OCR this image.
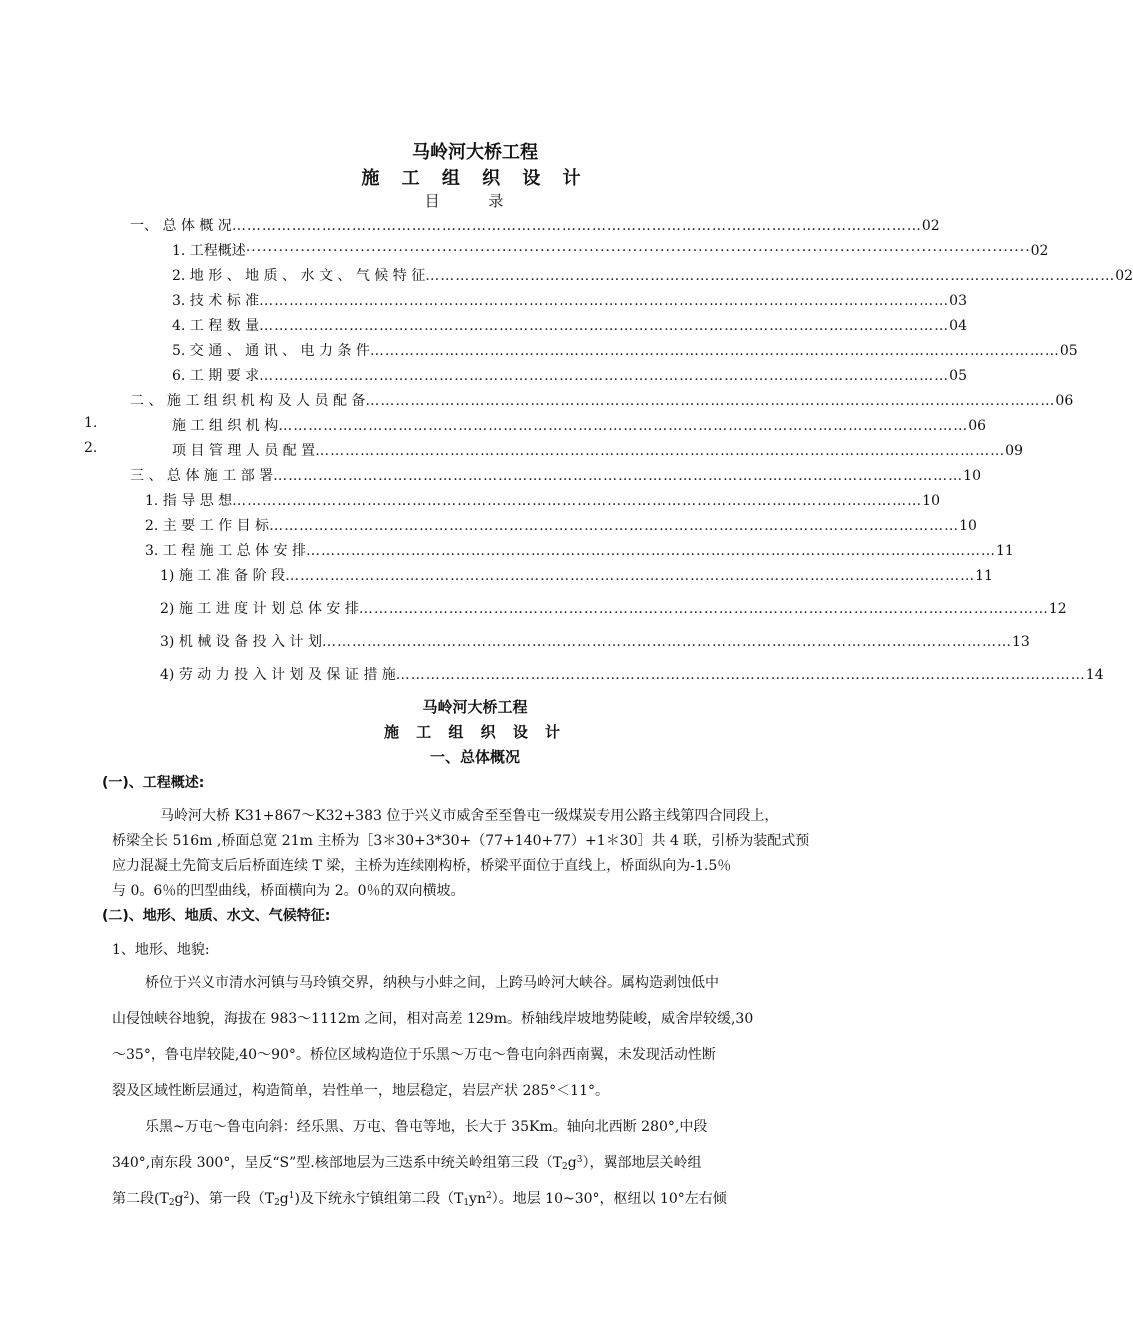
马岭河大桥工程
施 工 组 织 设 计
目 录
一、 总 体 概 况 ………………………………………………………………………………………………………………………… 02
1. 工程概述 ················································································································································ 02
2. 地 形 、 地 质 、 水 文 、 气 候 特 征 ………………………………………………………………………………………………………………………… 02
3. 技 术 标 准 ………………………………………………………………………………………………………………………… 03
4. 工 程 数 量 ………………………………………………………………………………………………………………………… 04
5. 交 通 、 通 讯 、 电 力 条 件 ………………………………………………………………………………………………………………………… 05
6. 工 期 要 求 ………………………………………………………………………………………………………………………… 05
二 、 施 工 组 织 机 构 及 人 员 配 备 ………………………………………………………………………………………………………………………… 06
1.	施 工 组 织 机 构 ………………………………………………………………………………………………………………………… 06
2.	项 目 管 理 人 员 配 置 ………………………………………………………………………………………………………………………… 09
三 、 总 体 施 工 部 署 ………………………………………………………………………………………………………………………… 10
1. 指 导 思 想 ………………………………………………………………………………………………………………………… 10
2. 主 要 工 作 目 标 ………………………………………………………………………………………………………………………… 10
3. 工 程 施 工 总 体 安 排 ………………………………………………………………………………………………………………………… 11
1) 施 工 准 备 阶 段 ………………………………………………………………………………………………………………………… 11
2) 施 工 进 度 计 划 总 体 安 排 ………………………………………………………………………………………………………………………… 12
3) 机 械 设 备 投 入 计 划 ………………………………………………………………………………………………………………………… 13
4) 劳 动 力 投 入 计 划 及 保 证 措 施 ………………………………………………………………………………………………………………………… 14
马岭河大桥工程
施 工 组 织 设 计
一、总体概况
(一)、工程概述:
马岭河大桥 K31+867～K32+383 位于兴义市威舍至至鲁屯一级煤炭专用公路主线第四合同段上，
桥梁全长 516m ,桥面总宽 21m 主桥为［3＊30+3*30+（77+140+77）+1＊30］共 4 联，引桥为装配式预
应力混凝土先简支后后桥面连续 T 梁，主桥为连续刚构桥，桥梁平面位于直线上，桥面纵向为-1.5％
与 0。6％的凹型曲线，桥面横向为 2。0％的双向横坡。
(二)、地形、地质、水文、气候特征:
1、地形、地貌:
桥位于兴义市清水河镇与马玲镇交界，纳秧与小蚌之间，上跨马岭河大峡谷。属构造剥蚀低中
山侵蚀峡谷地貌，海拔在 983～1112m 之间，相对高差 129m。桥轴线岸坡地势陡峻，威舍岸较缓,30
～35°，鲁屯岸较陡,40～90°。桥位区域构造位于乐黑～万屯～鲁屯向斜西南翼，未发现活动性断
裂及区域性断层通过，构造简单，岩性单一，地层稳定，岩层产状 285°＜11°。
乐黑~万屯～鲁屯向斜：经乐黑、万屯、鲁屯等地，长大于 35Km。轴向北西断 280°,中段
340°,南东段 300°，呈反“S”型.核部地层为三迭系中统关岭组第三段$(T_2g^3)$，翼部地层关岭组
第二段$(T_2g^2)$、第一段$(T_2g^1)$及下统永宁镇组第二段$(T_1yn^2)$。地层 10~30°，枢纽以 10°左右倾
